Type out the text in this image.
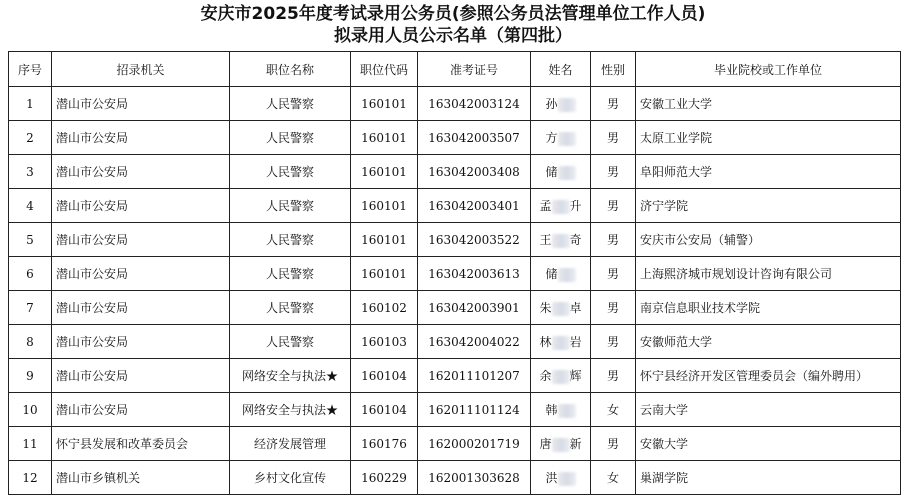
安庆市2025年度考试录用公务员(参照公务员法管理单位工作人员)
拟录用人员公示名单（第四批）
序号	招录机关	职位名称	职位代码	准考证号	姓名	性别	毕业院校或工作单位
1	潜山市公安局	人民警察	160101	163042003124	孙	男	安徽工业大学
2	潜山市公安局	人民警察	160101	163042003507	方	男	太原工业学院
3	潜山市公安局	人民警察	160101	163042003408	储	男	阜阳师范大学
4	潜山市公安局	人民警察	160101	163042003401	孟 升	男	济宁学院
5	潜山市公安局	人民警察	160101	163042003522	王 奇	男	安庆市公安局（辅警）
6	潜山市公安局	人民警察	160101	163042003613	储	男	上海熙济城市规划设计咨询有限公司
7	潜山市公安局	人民警察	160102	163042003901	朱 卓	男	南京信息职业技术学院
8	潜山市公安局	人民警察	160103	163042004022	林 岩	男	安徽师范大学
9	潜山市公安局	网络安全与执法★	160104	162011101207	余 辉	男	怀宁县经济开发区管理委员会（编外聘用）
10	潜山市公安局	网络安全与执法★	160104	162011101124	韩	女	云南大学
11	怀宁县发展和改革委员会	经济发展管理	160176	162000201719	唐 新	男	安徽大学
12	潜山市乡镇机关	乡村文化宣传	160229	162001303628	洪	女	巢湖学院
